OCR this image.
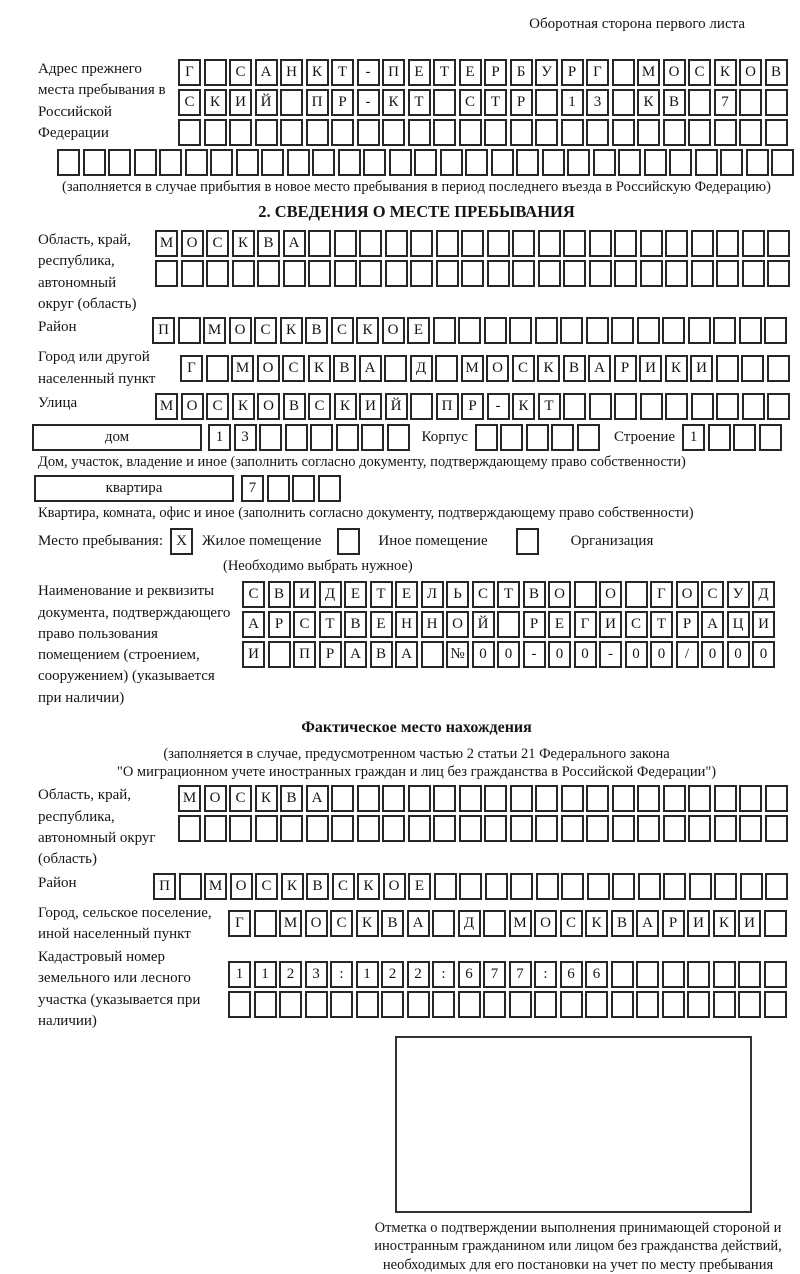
Оборотная сторона первого листа
Адрес прежнего места пребывания в Российской Федерации
Г	С	А Н	К	Т	-	П	Е	Т	Е	Р	Б	У	Р	Г	М О	С	К	О	В
С	К	И Й	П	Р	-	К	Т	С	Т	Р	1	3	К	В	7
(заполняется в случае прибытия в новое место пребывания в период последнего въезда в Российскую Федерацию)
2. СВЕДЕНИЯ О МЕСТЕ ПРЕБЫВАНИЯ
Область, край, республика, автономный округ (область)
М О	С	К	В	А
Район	П	М О	С	К	В	С	К	О	Е
Город или другой населенный пункт
Г	М О	С	К	В	А	Д	М О	С	К	В	А	Р	И	К	И
Улица	М О	С	К	О	В	С	К	И Й	П	Р	-	К	Т
дом	1	3	Корпус	Строение 1
Дом, участок, владение и иное (заполнить согласно документу, подтверждающему право собственности)
квартира	7
Квартира, комната, офис и иное (заполнить согласно документу, подтверждающему право собственности)
Место пребывания: X	Жилое помещение	Иное помещение	Организация
(Необходимо выбрать нужное)
Наименование и реквизиты документа, подтверждающего право пользования помещением (строением, сооружением) (указывается при наличии)
С	В	И Д	Е	Т	Е	Л	Ь	С	Т	В	О	О	Г	О	С	У	Д
А	Р	С	Т	В	Е	Н Н О Й	Р	Е	Г	И	С	Т	Р	А Ц И
И	П	Р	А	В	А	№ 0	0	-	0	0	-	0	0	/	0	0	0
Фактическое место нахождения
(заполняется в случае, предусмотренном частью 2 статьи 21 Федерального закона
"О миграционном учете иностранных граждан и лиц без гражданства в Российской Федерации")
Область, край, республика, автономный округ (область)
М О	С	К	В	А
Район	П	М О	С	К	В	С	К	О	Е
Город, сельское поселение, иной населенный пункт
Г	М О	С	К	В	А	Д	М О	С	К	В	А	Р	И	К	И
Кадастровый номер земельного или лесного участка (указывается при наличии)
1	1	2	3	:	1	2	2	:	6	7	7	:	6	6
Отметка о подтверждении выполнения принимающей стороной и иностранным гражданином или лицом без гражданства действий, необходимых для его постановки на учет по месту пребывания
